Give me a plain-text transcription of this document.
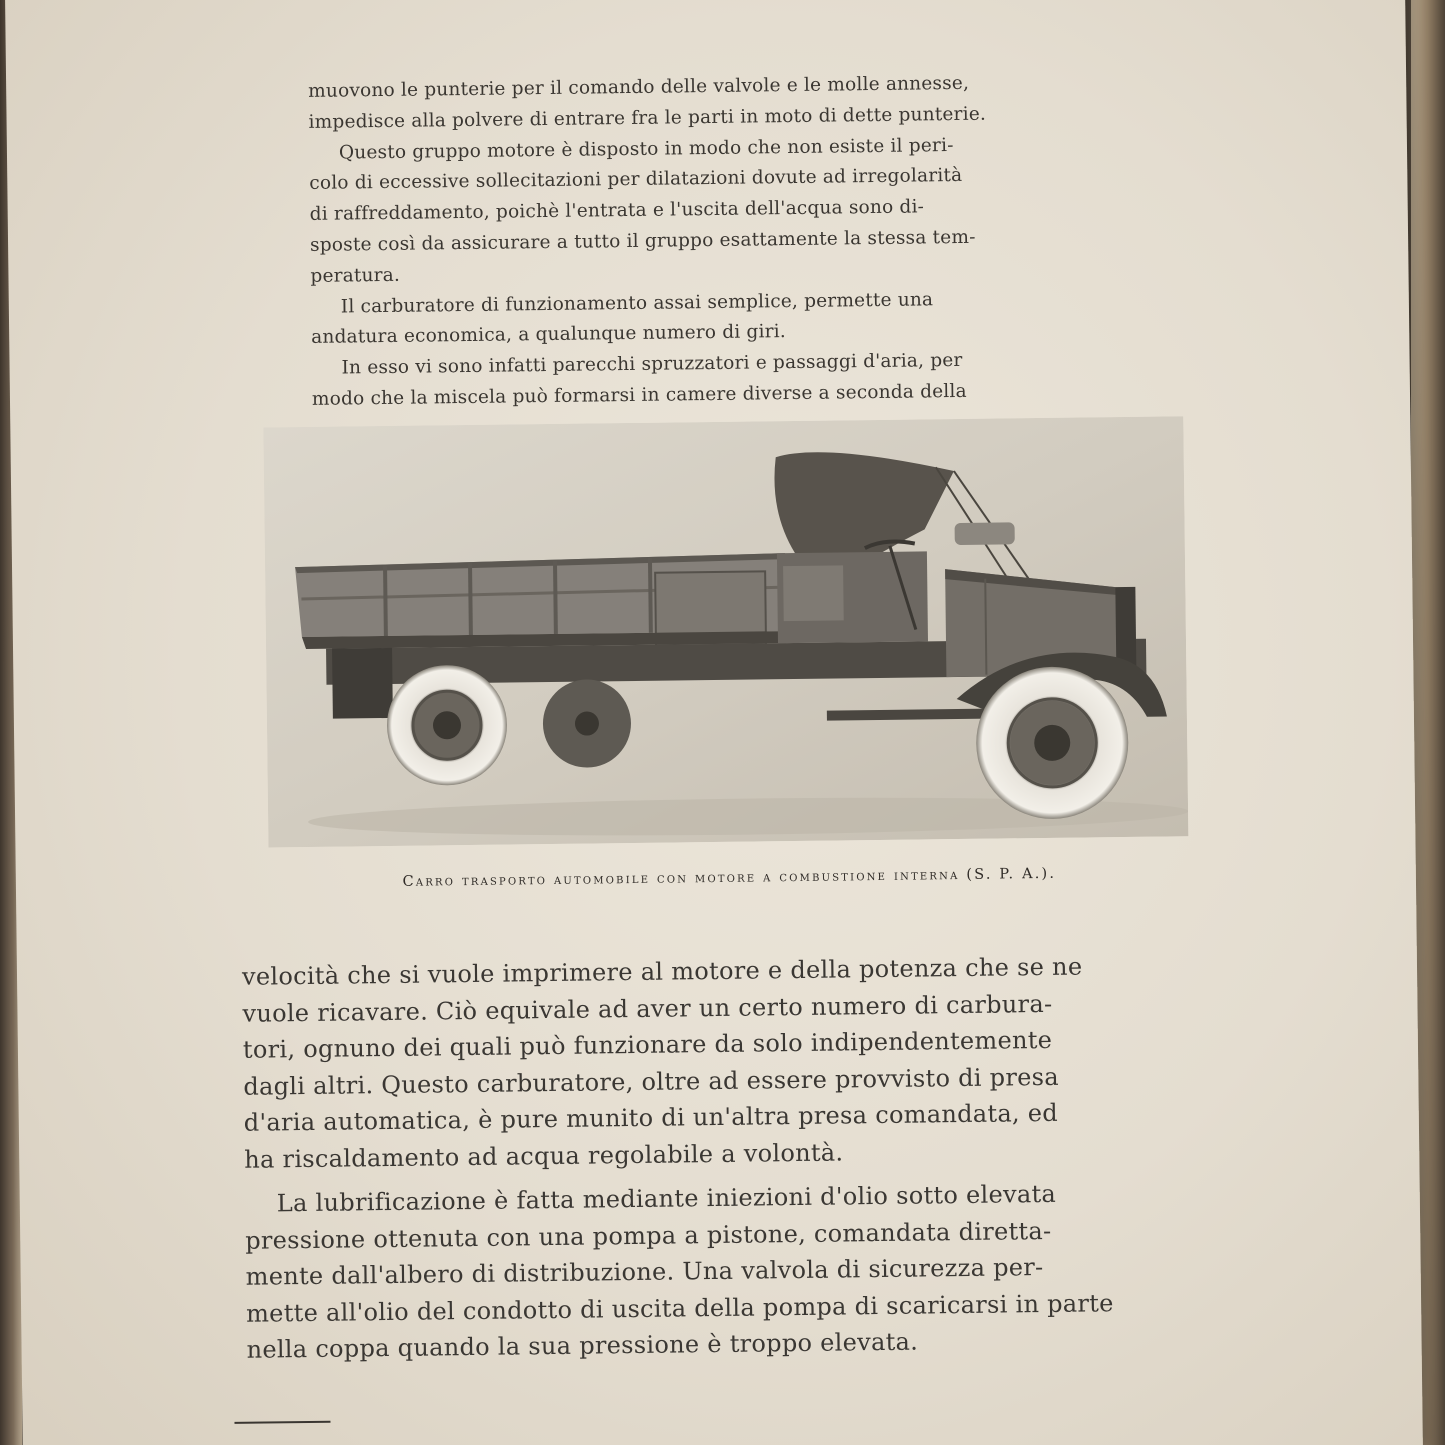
muovono le punterie per il comando delle valvole e le molle annesse,
impedisce alla polvere di entrare fra le parti in moto di dette punterie.

Questo gruppo motore è disposto in modo che non esiste il peri-
colo di eccessive sollecitazioni per dilatazioni dovute ad irregolarità
di raffreddamento, poichè l'entrata e l'uscita dell'acqua sono di-
sposte così da assicurare a tutto il gruppo esattamente la stessa tem-
peratura.

Il carburatore di funzionamento assai semplice, permette una
andatura economica, a qualunque numero di giri.

In esso vi sono infatti parecchi spruzzatori e passaggi d'aria, per
modo che la miscela può formarsi in camere diverse a seconda della

Carro trasporto automobile con motore a combustione interna (S. P. A.).

velocità che si vuole imprimere al motore e della potenza che se ne
vuole ricavare. Ciò equivale ad aver un certo numero di carbura-
tori, ognuno dei quali può funzionare da solo indipendentemente
dagli altri. Questo carburatore, oltre ad essere provvisto di presa
d'aria automatica, è pure munito di un'altra presa comandata, ed
ha riscaldamento ad acqua regolabile a volontà.

La lubrificazione è fatta mediante iniezioni d'olio sotto elevata
pressione ottenuta con una pompa a pistone, comandata diretta-
mente dall'albero di distribuzione. Una valvola di sicurezza per-
mette all'olio del condotto di uscita della pompa di scaricarsi in parte
nella coppa quando la sua pressione è troppo elevata.
